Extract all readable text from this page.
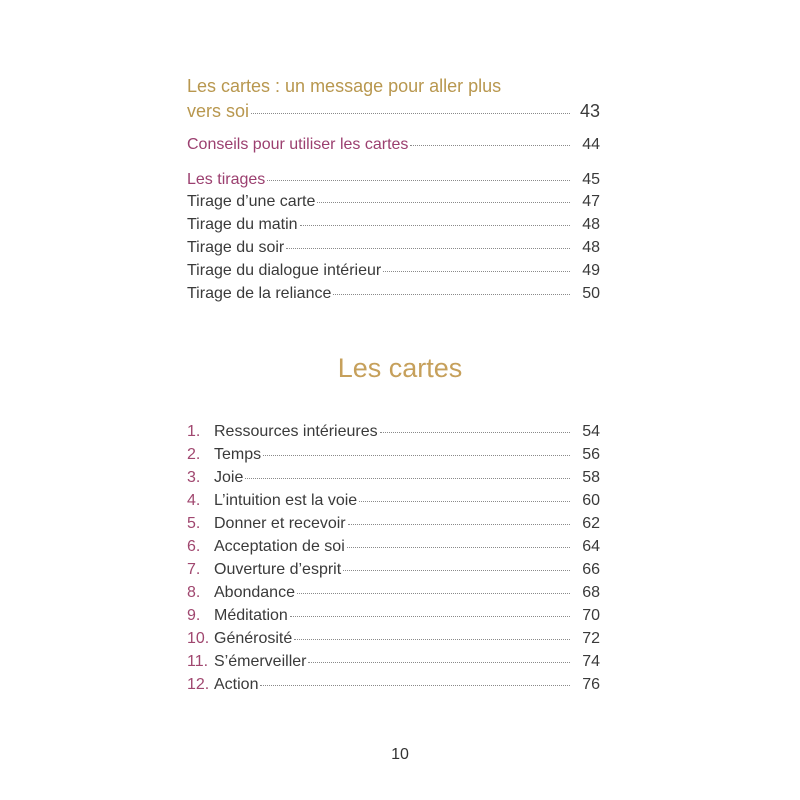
Les cartes : un message pour aller plus
vers soi	43
Conseils pour utiliser les cartes	44
Les tirages	45
Tirage d’une carte	47
Tirage du matin	48
Tirage du soir	48
Tirage du dialogue intérieur	49
Tirage de la reliance	50
Les cartes
1. Ressources intérieures	54
2. Temps	56
3. Joie	58
4. L’intuition est la voie	60
5. Donner et recevoir	62
6. Acceptation de soi	64
7. Ouverture d’esprit	66
8. Abondance	68
9. Méditation	70
10. Générosité	72
11. S’émerveiller	74
12. Action	76
10
